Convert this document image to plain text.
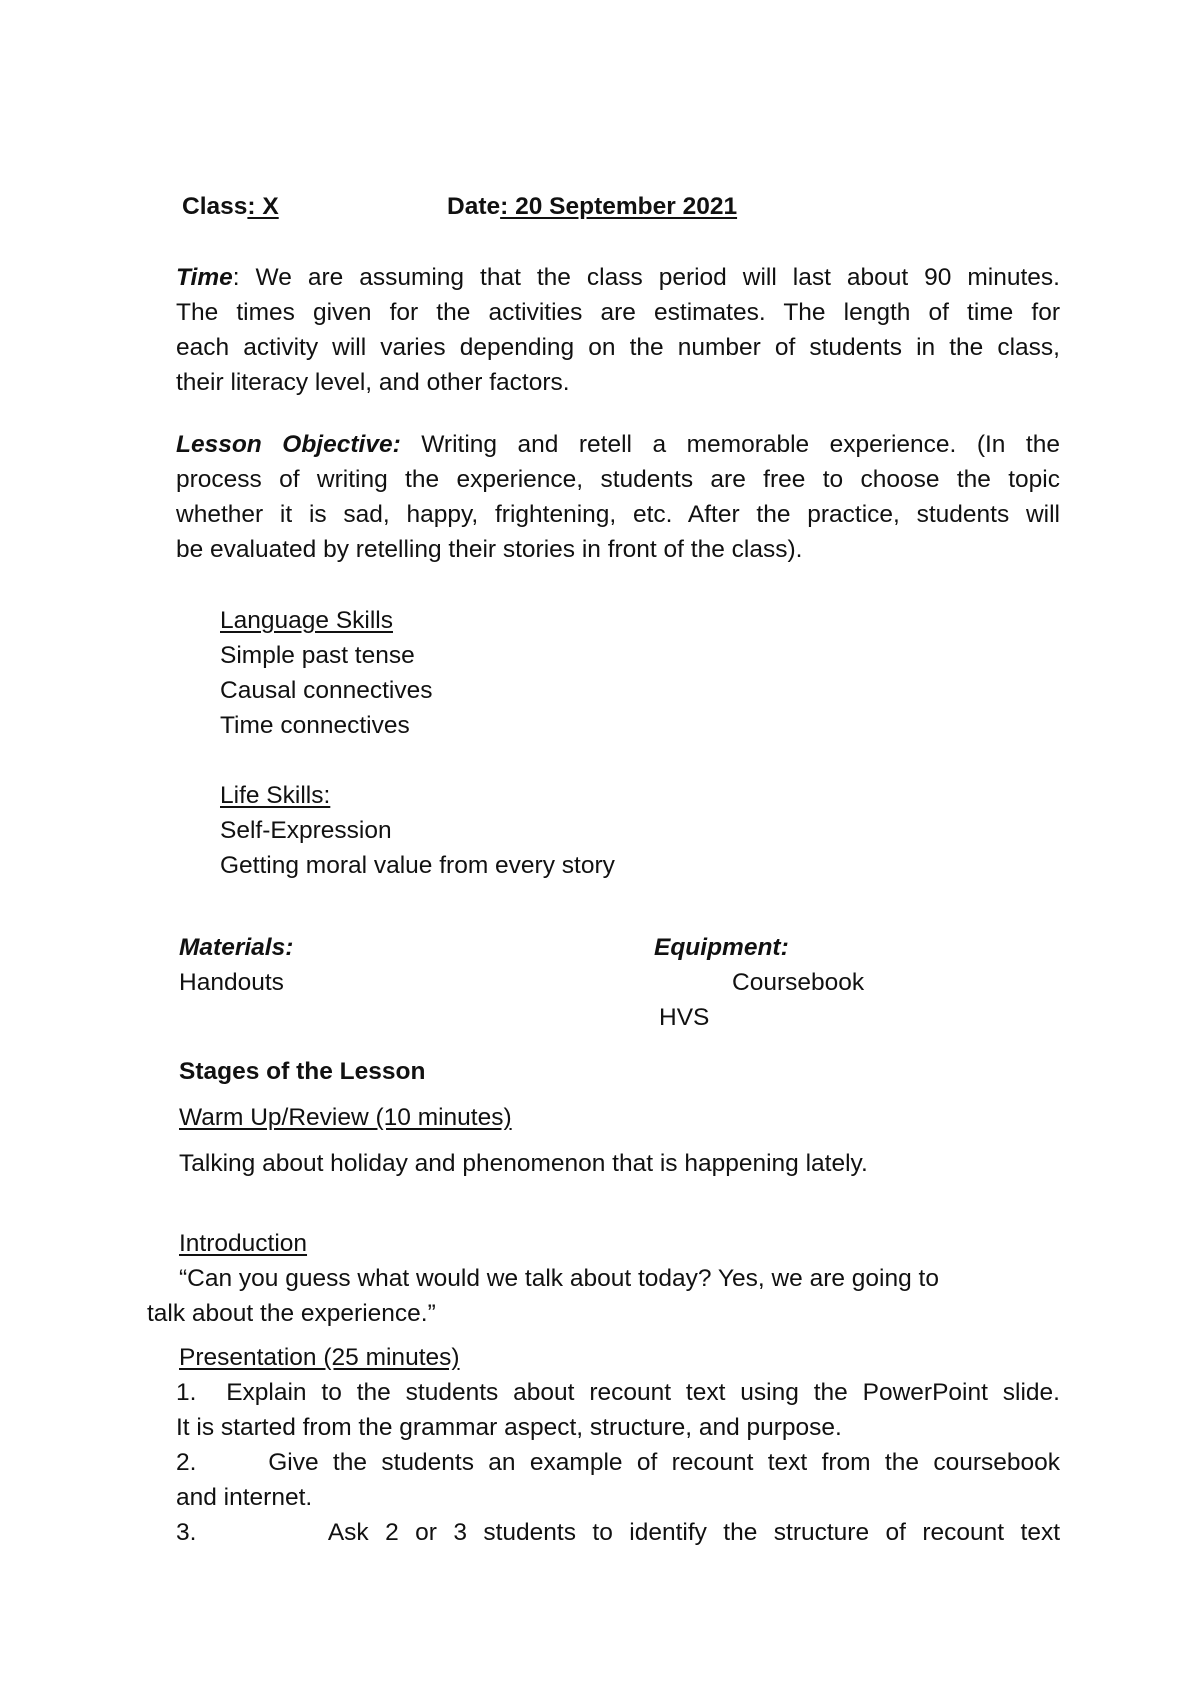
Class: X	Date: 20 September 2021
Time: We are assuming that the class period will last about 90 minutes.
The times given for the activities are estimates. The length of time for
each activity will varies depending on the number of students in the class,
their literacy level, and other factors.
Lesson Objective: Writing and retell a memorable experience. (In the
process of writing the experience, students are free to choose the topic
whether it is sad, happy, frightening, etc. After the practice, students will
be evaluated by retelling their stories in front of the class).
Language Skills
Simple past tense
Causal connectives
Time connectives
Life Skills:
Self-Expression
Getting moral value from every story
Materials:
Handouts
Equipment:
Coursebook
HVS
Stages of the Lesson
Warm Up/Review (10 minutes)
Talking about holiday and phenomenon that is happening lately.
Introduction
“Can you guess what would we talk about today? Yes, we are going to
talk about the experience.”
Presentation (25 minutes)
1. Explain to the students about recount text using the PowerPoint slide.
It is started from the grammar aspect, structure, and purpose.
2.	Give the students an example of recount text from the coursebook
and internet.
3.	Ask 2 or 3 students to identify the structure of recount text
